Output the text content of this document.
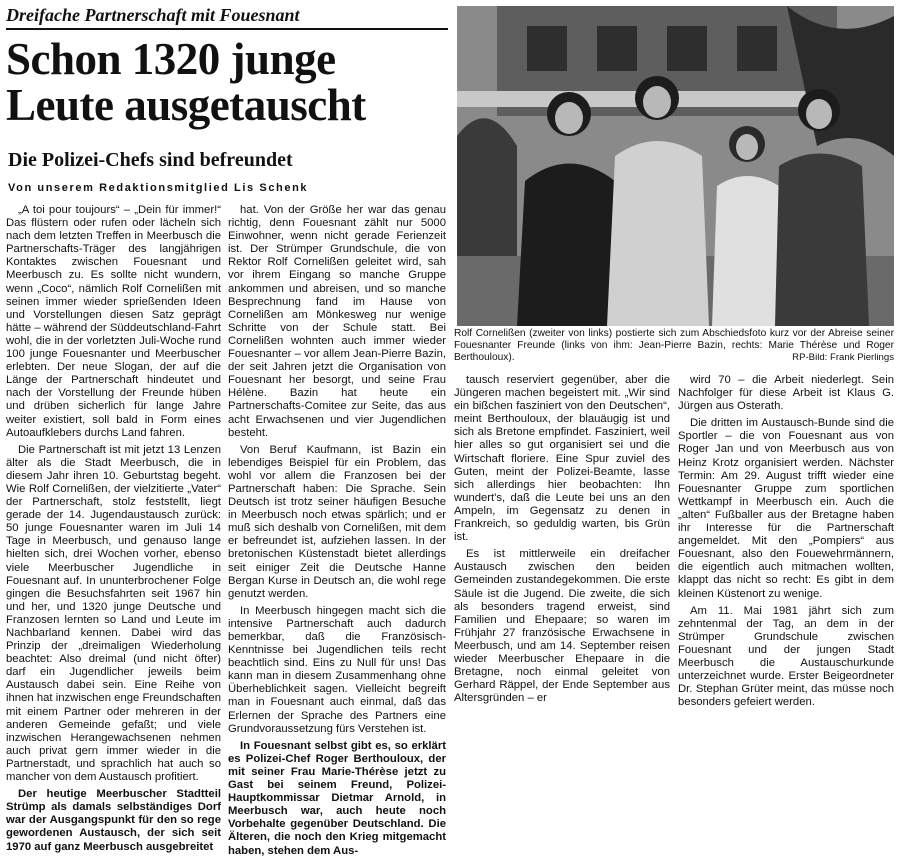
Dreifache Partnerschaft mit Fouesnant
Schon 1320 junge
Leute ausgetauscht
Die Polizei-Chefs sind befreundet
Von unserem Redaktionsmitglied Lis Schenk

„A toi pour toujours“ – „Dein für immer!“ Das flüstern oder rufen oder lächeln sich nach dem letzten Treffen in Meerbusch die Partnerschafts-Träger des langjährigen Kontaktes zwischen Fouesnant und Meerbusch zu. Es sollte nicht wundern, wenn „Coco“, nämlich Rolf Cornelißen mit seinen immer wieder sprießenden Ideen und Vorstellungen diesen Satz geprägt hätte – während der Süddeutschland-Fahrt wohl, die in der vorletzten Juli-Woche rund 100 junge Fouesnanter und Meerbuscher erlebten. Der neue Slogan, der auf die Länge der Partnerschaft hindeutet und nach der Vorstellung der Freunde hüben und drüben sicherlich für lange Jahre weiter existiert, soll bald in Form eines Autoaufklebers durchs Land fahren.

Die Partnerschaft ist mit jetzt 13 Lenzen älter als die Stadt Meerbusch, die in diesem Jahr ihren 10. Geburtstag begeht. Wie Rolf Cornelißen, der vielzitierte „Vater“ der Partnerschaft, stolz feststellt, liegt gerade der 14. Jugendaustausch zurück: 50 junge Fouesnanter waren im Juli 14 Tage in Meerbusch, und genauso lange hielten sich, drei Wochen vorher, ebenso viele Meerbuscher Jugendliche in Fouesnant auf. In ununterbrochener Folge gingen die Besuchsfahrten seit 1967 hin und her, und 1320 junge Deutsche und Franzosen lernten so Land und Leute im Nachbarland kennen. Dabei wird das Prinzip der „dreimaligen Wiederholung beachtet: Also dreimal (und nicht öfter) darf ein Jugendlicher jeweils beim Austausch dabei sein. Eine Reihe von ihnen hat inzwischen enge Freundschaften mit einem Partner oder mehreren in der anderen Gemeinde gefaßt; und viele inzwischen Herangewachsenen nehmen auch privat gern immer wieder in die Partnerstadt, und sprachlich hat auch so mancher von dem Austausch profitiert.

Der heutige Meerbuscher Stadtteil Strümp als damals selbständiges Dorf war der Ausgangspunkt für den so rege gewordenen Austausch, der sich seit 1970 auf ganz Meerbusch ausgebreitet

hat. Von der Größe her war das genau richtig, denn Fouesnant zählt nur 5000 Einwohner, wenn nicht gerade Ferienzeit ist. Der Strümper Grundschule, die von Rektor Rolf Cornelißen geleitet wird, sah vor ihrem Eingang so manche Gruppe ankommen und abreisen, und so manche Besprechnung fand im Hause von Cornelißen am Mönkesweg nur wenige Schritte von der Schule statt. Bei Cornelißen wohnten auch immer wieder Fouesnanter – vor allem Jean-Pierre Bazin, der seit Jahren jetzt die Organisation von Fouesnant her besorgt, und seine Frau Hélène. Bazin hat heute ein Partnerschafts-Comitee zur Seite, das aus acht Erwachsenen und vier Jugendlichen besteht.

Von Beruf Kaufmann, ist Bazin ein lebendiges Beispiel für ein Problem, das wohl vor allem die Franzosen bei der Partnerschaft haben: Die Sprache. Sein Deutsch ist trotz seiner häufigen Besuche in Meerbusch noch etwas spärlich; und er muß sich deshalb von Cornelißen, mit dem er befreundet ist, aufziehen lassen. In der bretonischen Küstenstadt bietet allerdings seit einiger Zeit die Deutsche Hanne Bergan Kurse in Deutsch an, die wohl rege genutzt werden.

In Meerbusch hingegen macht sich die intensive Partnerschaft auch dadurch bemerkbar, daß die Französisch-Kenntnisse bei Jugendlichen teils recht beachtlich sind. Eins zu Null für uns! Das kann man in diesem Zusammenhang ohne Überheblichkeit sagen. Vielleicht begreift man in Fouesnant auch einmal, daß das Erlernen der Sprache des Partners eine Grundvoraussetzung fürs Verstehen ist.

In Fouesnant selbst gibt es, so erklärt es Polizei-Chef Roger Berthouloux, der mit seiner Frau Marie-Thérèse jetzt zu Gast bei seinem Freund, Polizei-Hauptkommissar Dietmar Arnold, in Meerbusch war, auch heute noch Vorbehalte gegenüber Deutschland. Die Älteren, die noch den Krieg mitgemacht haben, stehen dem Aus-

tausch reserviert gegenüber, aber die Jüngeren machen begeistert mit. „Wir sind ein bißchen fasziniert von den Deutschen“, meint Berthouloux, der blauäugig ist und sich als Bretone empfindet. Fasziniert, weil hier alles so gut organisiert sei und die Wirtschaft floriere. Eine Spur zuviel des Guten, meint der Polizei-Beamte, lasse sich allerdings hier beobachten: Ihn wundert's, daß die Leute bei uns an den Ampeln, im Gegensatz zu denen in Frankreich, so geduldig warten, bis Grün ist.

Es ist mittlerweile ein dreifacher Austausch zwischen den beiden Gemeinden zustandegekommen. Die erste Säule ist die Jugend. Die zweite, die sich als besonders tragend erweist, sind Familien und Ehepaare; so waren im Frühjahr 27 französische Erwachsene in Meerbusch, und am 14. September reisen wieder Meerbuscher Ehepaare in die Bretagne, noch einmal geleitet von Gerhard Räppel, der Ende September aus Altersgründen – er

wird 70 – die Arbeit niederlegt. Sein Nachfolger für diese Arbeit ist Klaus G. Jürgen aus Osterath.

Die dritten im Austausch-Bunde sind die Sportler – die von Fouesnant aus von Roger Jan und von Meerbusch aus von Heinz Krotz organisiert werden. Nächster Termin: Am 29. August trifft wieder eine Fouesnanter Gruppe zum sportlichen Wettkampf in Meerbusch ein. Auch die „alten“ Fußballer aus der Bretagne haben ihr Interesse für die Partnerschaft angemeldet. Mit den „Pompiers“ aus Fouesnant, also den Fouewehrmännern, die eigentlich auch mitmachen wollten, klappt das nicht so recht: Es gibt in dem kleinen Küstenort zu wenige.

Am 11. Mai 1981 jährt sich zum zehntenmal der Tag, an dem in der Strümper Grundschule zwischen Fouesnant und der jungen Stadt Meerbusch die Austauschurkunde unterzeichnet wurde. Erster Beigeordneter Dr. Stephan Grüter meint, das müsse noch besonders gefeiert werden.

Rolf Cornelißen (zweiter von links) postierte sich zum Abschiedsfoto kurz vor der Abreise seiner Fouesnanter Freunde (links von ihm: Jean-Pierre Bazin, rechts: Marie Thérèse und Roger Berthouloux).	RP-Bild: Frank Pierlings
